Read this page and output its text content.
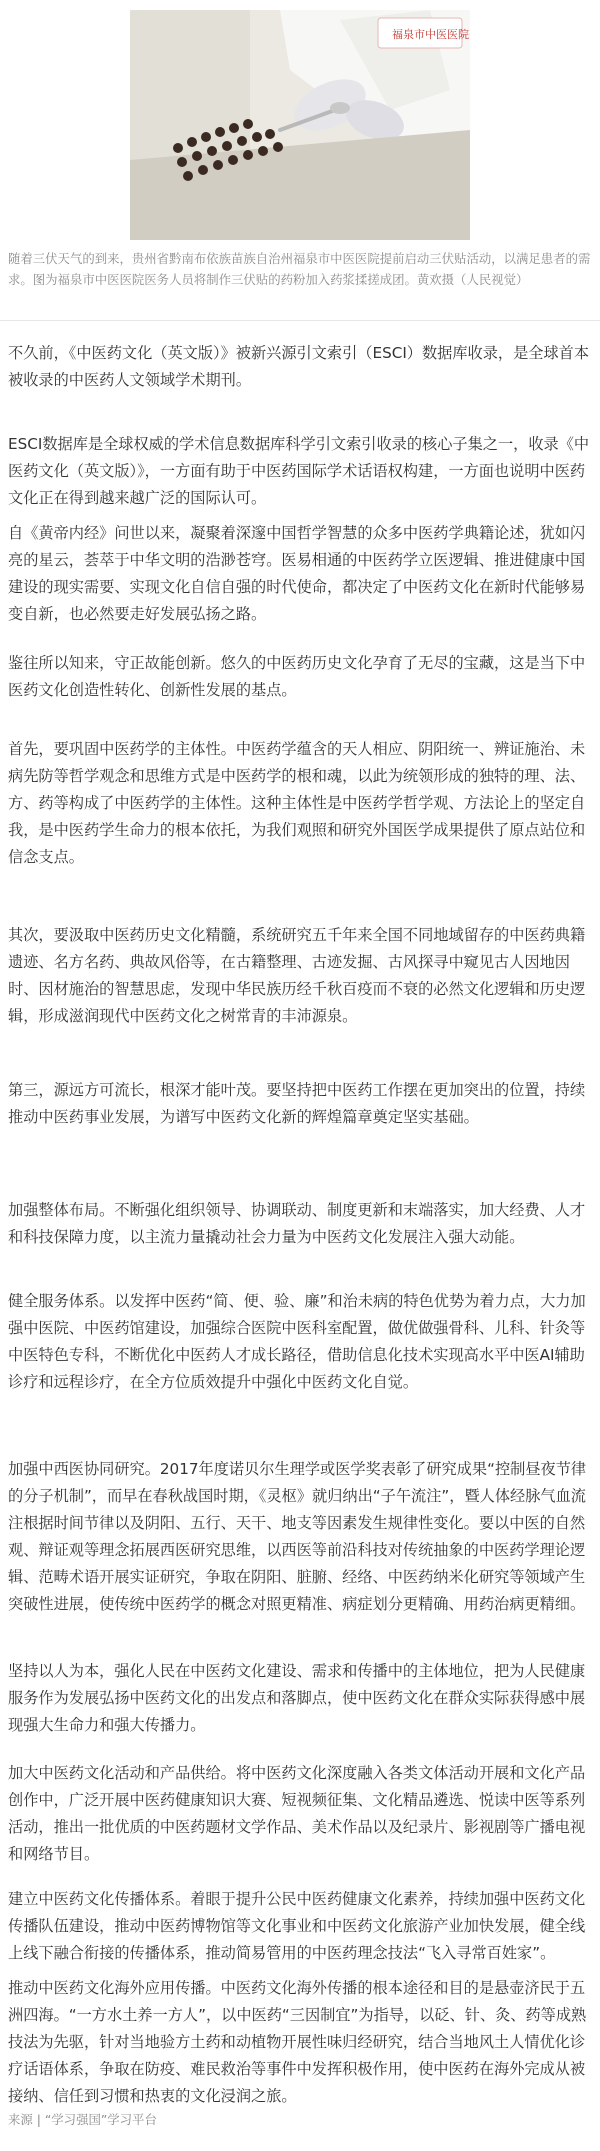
福泉市中医医院
随着三伏天气的到来，贵州省黔南布依族苗族自治州福泉市中医医院提前启动三伏贴活动，以满足患者的需求。图为福泉市中医医院医务人员将制作三伏贴的药粉加入药浆揉搓成团。黄欢摄（人民视觉）

不久前，《中医药文化（英文版）》被新兴源引文索引（ESCI）数据库收录，是全球首本被收录的中医药人文领域学术期刊。

ESCI数据库是全球权威的学术信息数据库科学引文索引收录的核心子集之一，收录《中医药文化（英文版）》，一方面有助于中医药国际学术话语权构建，一方面也说明中医药文化正在得到越来越广泛的国际认可。

自《黄帝内经》问世以来，凝聚着深邃中国哲学智慧的众多中医药学典籍论述，犹如闪亮的星云，荟萃于中华文明的浩渺苍穹。医易相通的中医药学立医逻辑、推进健康中国建设的现实需要、实现文化自信自强的时代使命，都决定了中医药文化在新时代能够易变自新，也必然要走好发展弘扬之路。

鉴往所以知来，守正故能创新。悠久的中医药历史文化孕育了无尽的宝藏，这是当下中医药文化创造性转化、创新性发展的基点。

首先，要巩固中医药学的主体性。中医药学蕴含的天人相应、阴阳统一、辨证施治、未病先防等哲学观念和思维方式是中医药学的根和魂，以此为统领形成的独特的理、法、方、药等构成了中医药学的主体性。这种主体性是中医药学哲学观、方法论上的坚定自我，是中医药学生命力的根本依托，为我们观照和研究外国医学成果提供了原点站位和信念支点。

其次，要汲取中医药历史文化精髓，系统研究五千年来全国不同地域留存的中医药典籍遗迹、名方名药、典故风俗等，在古籍整理、古迹发掘、古风探寻中窥见古人因地因时、因材施治的智慧思虑，发现中华民族历经千秋百疫而不衰的必然文化逻辑和历史逻辑，形成滋润现代中医药文化之树常青的丰沛源泉。

第三，源远方可流长，根深才能叶茂。要坚持把中医药工作摆在更加突出的位置，持续推动中医药事业发展，为谱写中医药文化新的辉煌篇章奠定坚实基础。

加强整体布局。不断强化组织领导、协调联动、制度更新和末端落实，加大经费、人才和科技保障力度，以主流力量撬动社会力量为中医药文化发展注入强大动能。

健全服务体系。以发挥中医药“简、便、验、廉”和治未病的特色优势为着力点，大力加强中医院、中医药馆建设，加强综合医院中医科室配置，做优做强骨科、儿科、针灸等中医特色专科，不断优化中医药人才成长路径，借助信息化技术实现高水平中医AI辅助诊疗和远程诊疗，在全方位质效提升中强化中医药文化自觉。

加强中西医协同研究。2017年度诺贝尔生理学或医学奖表彰了研究成果“控制昼夜节律的分子机制”，而早在春秋战国时期，《灵枢》就归纳出“子午流注”，暨人体经脉气血流注根据时间节律以及阴阳、五行、天干、地支等因素发生规律性变化。要以中医的自然观、辩证观等理念拓展西医研究思维，以西医等前沿科技对传统抽象的中医药学理论逻辑、范畴术语开展实证研究，争取在阴阳、脏腑、经络、中医药纳米化研究等领域产生突破性进展，使传统中医药学的概念对照更精准、病症划分更精确、用药治病更精细。

坚持以人为本，强化人民在中医药文化建设、需求和传播中的主体地位，把为人民健康服务作为发展弘扬中医药文化的出发点和落脚点，使中医药文化在群众实际获得感中展现强大生命力和强大传播力。

加大中医药文化活动和产品供给。将中医药文化深度融入各类文体活动开展和文化产品创作中，广泛开展中医药健康知识大赛、短视频征集、文化精品遴选、悦读中医等系列活动，推出一批优质的中医药题材文学作品、美术作品以及纪录片、影视剧等广播电视和网络节目。

建立中医药文化传播体系。着眼于提升公民中医药健康文化素养，持续加强中医药文化传播队伍建设，推动中医药博物馆等文化事业和中医药文化旅游产业加快发展，健全线上线下融合衔接的传播体系，推动简易管用的中医药理念技法“飞入寻常百姓家”。

推动中医药文化海外应用传播。中医药文化海外传播的根本途径和目的是悬壶济民于五洲四海。“一方水土养一方人”，以中医药“三因制宜”为指导，以砭、针、灸、药等成熟技法为先驱，针对当地验方土药和动植物开展性味归经研究，结合当地风土人情优化诊疗话语体系，争取在防疫、难民救治等事件中发挥积极作用，使中医药在海外完成从被接纳、信任到习惯和热衷的文化浸润之旅。

来源 | “学习强国”学习平台
